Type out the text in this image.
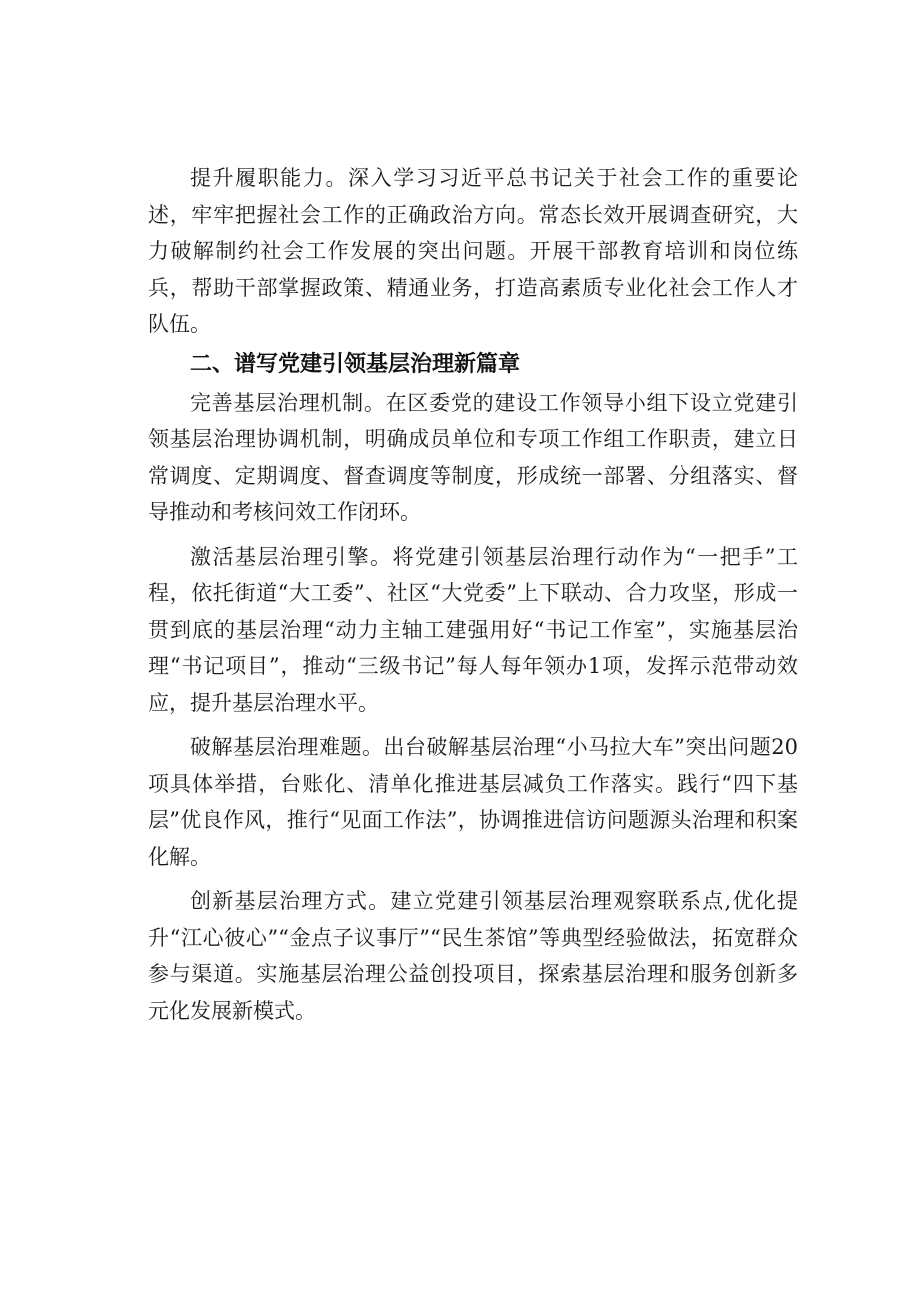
提升履职能力。深入学习习近平总书记关于社会工作的重要论述，牢牢把握社会工作的正确政治方向。常态长效开展调查研究，大力破解制约社会工作发展的突出问题。开展干部教育培训和岗位练兵，帮助干部掌握政策、精通业务，打造高素质专业化社会工作人才队伍。

二、谱写党建引领基层治理新篇章

完善基层治理机制。在区委党的建设工作领导小组下设立党建引领基层治理协调机制，明确成员单位和专项工作组工作职责，建立日常调度、定期调度、督查调度等制度，形成统一部署、分组落实、督导推动和考核问效工作闭环。

激活基层治理引擎。将党建引领基层治理行动作为“一把手”工程，依托街道“大工委”、社区“大党委”上下联动、合力攻坚，形成一贯到底的基层治理“动力主轴工建强用好“书记工作室”，实施基层治理“书记项目”，推动“三级书记”每人每年领办1项，发挥示范带动效应，提升基层治理水平。

破解基层治理难题。出台破解基层治理“小马拉大车”突出问题20项具体举措，台账化、清单化推进基层减负工作落实。践行“四下基层”优良作风，推行“见面工作法”，协调推进信访问题源头治理和积案化解。

创新基层治理方式。建立党建引领基层治理观察联系点,优化提升“江心彼心”“金点子议事厅”“民生茶馆”等典型经验做法，拓宽群众参与渠道。实施基层治理公益创投项目，探索基层治理和服务创新多元化发展新模式。
